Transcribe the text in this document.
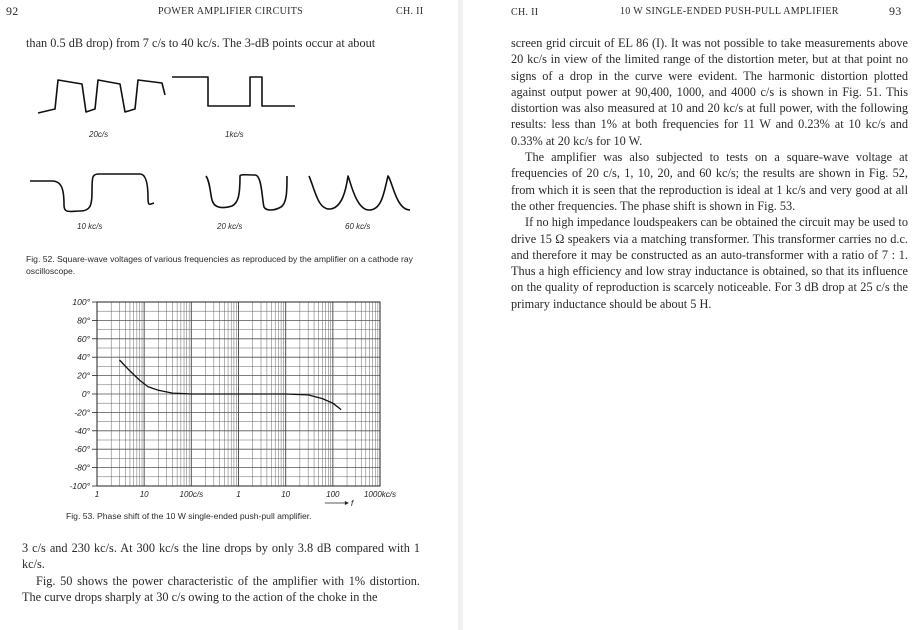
92	POWER AMPLIFIER CIRCUITS	CH. II
than 0.5 dB drop) from 7 c/s to 40 kc/s. The 3-dB points occur at about
20c/s	1kc/s
10 kc/s	20 kc/s	60 kc/s
Fig. 52. Square-wave voltages of various frequencies as reproduced by the amplifier on a cathode ray oscilloscope.
100°
80°
60°
40°
20°
0°
-20°
-40°
-60°
-80°
-100°
1	10	100c/s	1	10	100	1000kc/s
f
Fig. 53. Phase shift of the 10 W single-ended push-pull amplifier.

3 c/s and 230 kc/s. At 300 kc/s the line drops by only 3.8 dB compared with 1 kc/s.

Fig. 50 shows the power characteristic of the amplifier with 1% distortion. The curve drops sharply at 30 c/s owing to the action of the choke in the

CH. II	10 W SINGLE-ENDED PUSH-PULL AMPLIFIER	93

screen grid circuit of EL 86 (I). It was not possible to take measurements above 20 kc/s in view of the limited range of the distortion meter, but at that point no signs of a drop in the curve were evident. The harmonic distortion plotted against output power at 90,400, 1000, and 4000 c/s is shown in Fig. 51. This distortion was also measured at 10 and 20 kc/s at full power, with the following results: less than 1% at both frequencies for 11 W and 0.23% at 10 kc/s and 0.33% at 20 kc/s for 10 W.

The amplifier was also subjected to tests on a square-wave voltage at frequencies of 20 c/s, 1, 10, 20, and 60 kc/s; the results are shown in Fig. 52, from which it is seen that the reproduction is ideal at 1 kc/s and very good at all the other frequencies. The phase shift is shown in Fig. 53.

If no high impedance loudspeakers can be obtained the circuit may be used to drive 15 Ω speakers via a matching transformer. This transformer carries no d.c. and therefore it may be constructed as an auto-transformer with a ratio of 7 : 1. Thus a high efficiency and low stray inductance is obtained, so that its influence on the quality of reproduction is scarcely noticeable. For 3 dB drop at 25 c/s the primary inductance should be about 5 H.
